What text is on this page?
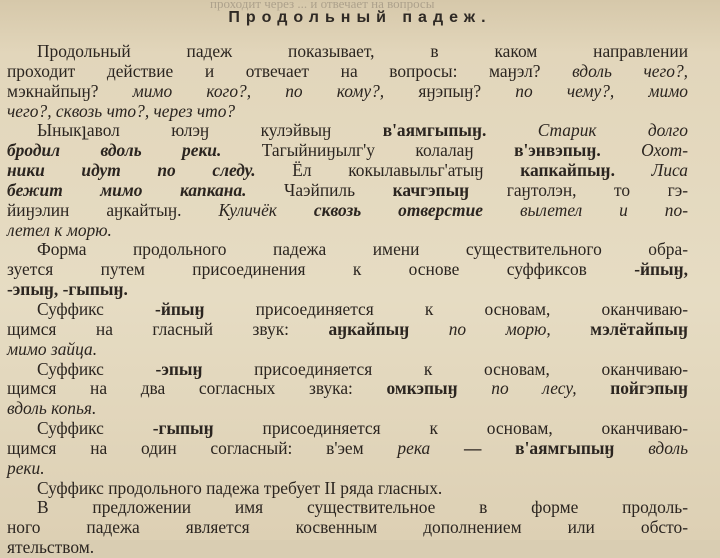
проходит через ... и отвечает на вопросы
Продольный падеж.
Продольный падеж показывает, в каком направлении
проходит действие и отвечает на вопросы: маӈэл? вдоль чего?,
мэкнайпыӈ? мимо кого?, по кому?, яӈэпыӈ? по чему?, мимо
чего?, сквозь что?, через что?
Ыныкլавол юлэӈ кулэйвыӈ в'аямгыпыӈ.	Старик долго
бродил вдоль реки. Тагыйниӈылг'у колалаӈ в'энвэпыӈ. Охот-
ники идут по следу. Ёл кокылавыльг'атыӈ капкайпыӈ. Лиса
бежит мимо капкана. Чаэйпиль качгэпыӈ гаӈтолэн, то гэ-
йиӈэлин аӈкайтыӈ. Куличёк сквозь отверстие вылетел и по-
летел к морю.
Форма продольного падежа имени существительного обра-
зуется путем присоединения к основе суффиксов -йпыӈ,
-эпыӈ, -гыпыӈ.
Суффикс -йпыӈ присоединяется к основам, оканчиваю-
щимся на гласный звук: аӈкайпыӈ по морю, мэлётайпыӈ
мимо зайца.
Суффикс -эпыӈ присоединяется к основам, оканчиваю-
щимся на два согласных звука: омкэпыӈ по лесу, пойгэпыӈ
вдоль копья.
Суффикс -гыпыӈ присоединяется к основам, оканчиваю-
щимся на один согласный: в'эем река — в'аямгыпыӈ вдоль
реки.
Суффикс продольного падежа требует II ряда гласных.
В предложении имя существительное в форме продоль-
ного падежа является косвенным дополнением или обсто-
ятельством.
